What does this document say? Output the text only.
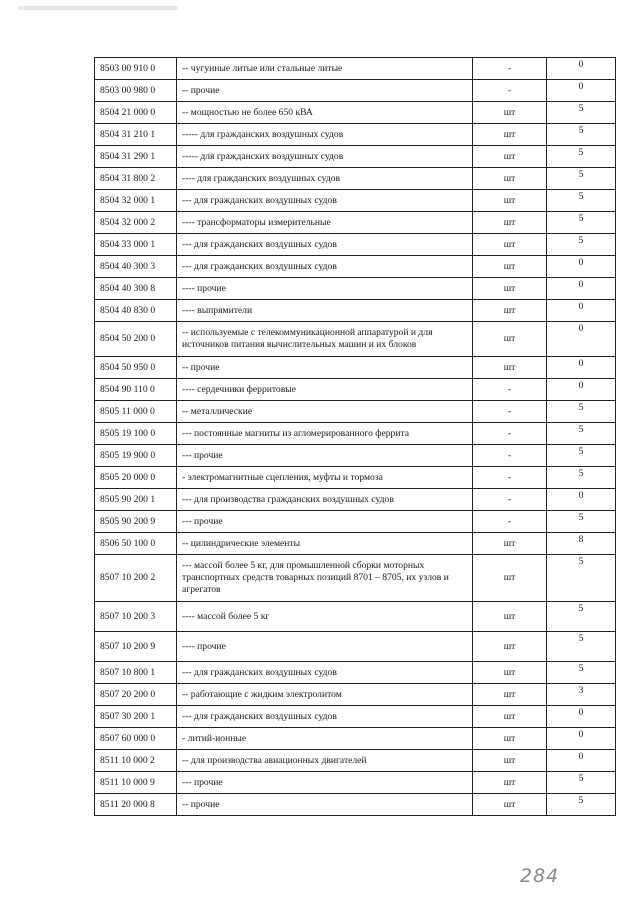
8503 00 910 0	-- чугунные литые или стальные литые	-	0
8503 00 980 0	-- прочие	-	0
8504 21 000 0	-- мощностью не более 650 кВА	шт	5
8504 31 210 1	----- для гражданских воздушных судов	шт	5
8504 31 290 1	----- для гражданских воздушных судов	шт	5
8504 31 800 2	---- для гражданских воздушных судов	шт	5
8504 32 000 1	--- для гражданских воздушных судов	шт	5
8504 32 000 2	---- трансформаторы измерительные	шт	5
8504 33 000 1	--- для гражданских воздушных судов	шт	5
8504 40 300 3	--- для гражданских воздушных судов	шт	0
8504 40 300 8	---- прочие	шт	0
8504 40 830 0	---- выпрямители	шт	0
8504 50 200 0	-- используемые с телекоммуникационной аппаратурой и для источников питания вычислительных машин и их блоков	шт	0
8504 50 950 0	-- прочие	шт	0
8504 90 110 0	---- сердечники ферритовые	-	0
8505 11 000 0	-- металлические	-	5
8505 19 100 0	--- постоянные магниты из агломерированного феррита	-	5
8505 19 900 0	--- прочие	-	5
8505 20 000 0	- электромагнитные сцепления, муфты и тормоза	-	5
8505 90 200 1	--- для производства гражданских воздушных судов	-	0
8505 90 200 9	--- прочие	-	5
8506 50 100 0	-- цилиндрические элементы	шт	8
8507 10 200 2	--- массой более 5 кг, для промышленной сборки моторных транспортных средств товарных позиций 8701 – 8705, их узлов и агрегатов	шт	5
8507 10 200 3	---- массой более 5 кг	шт	5
8507 10 200 9	---- прочие	шт	5
8507 10 800 1	--- для гражданских воздушных судов	шт	5
8507 20 200 0	-- работающие с жидким электролитом	шт	3
8507 30 200 1	--- для гражданских воздушных судов	шт	0
8507 60 000 0	- литий-ионные	шт	0
8511 10 000 2	-- для производства авиационных двигателей	шт	0
8511 10 000 9	--- прочие	шт	5
8511 20 000 8	-- прочие	шт	5
284
